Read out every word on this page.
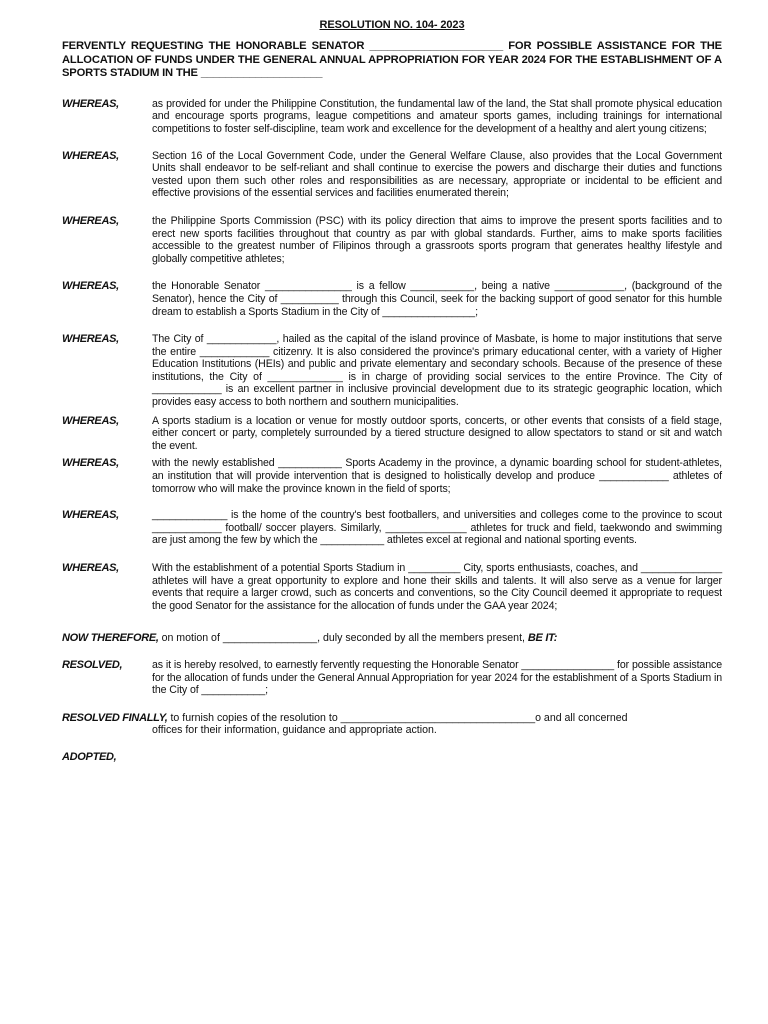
RESOLUTION NO. 104- 2023
FERVENTLY REQUESTING THE HONORABLE SENATOR ______________________ FOR POSSIBLE ASSISTANCE FOR THE ALLOCATION OF FUNDS UNDER THE GENERAL ANNUAL APPROPRIATION FOR YEAR 2024 FOR THE ESTABLISHMENT OF A SPORTS STADIUM IN THE ____________________
WHEREAS,	as provided for under the Philippine Constitution, the fundamental law of the land, the Stat shall promote physical education and encourage sports programs, league competitions and amateur sports games, including trainings for international competitions to foster self-discipline, team work and excellence for the development of a healthy and alert young citizens;
WHEREAS,	Section 16 of the Local Government Code, under the General Welfare Clause, also provides that the Local Government Units shall endeavor to be self-reliant and shall continue to exercise the powers and discharge their duties and functions vested upon them such other roles and responsibilities as are necessary, appropriate or incidental to be efficient and effective provisions of the essential services and facilities enumerated therein;
WHEREAS,	the Philippine Sports Commission (PSC) with its policy direction that aims to improve the present sports facilities and to erect new sports facilities throughout that country as par with global standards. Further, aims to make sports facilities accessible to the greatest number of Filipinos through a grassroots sports program that generates healthy lifestyle and globally competitive athletes;
WHEREAS,	the Honorable Senator _______________ is a fellow ___________, being a native ____________, (background of the Senator), hence the City of __________ through this Council, seek for the backing support of good senator for this humble dream to establish a Sports Stadium in the City of ________________;
WHEREAS,	The City of ____________, hailed as the capital of the island province of Masbate, is home to major institutions that serve the entire ____________ citizenry. It is also considered the province's primary educational center, with a variety of Higher Education Institutions (HEIs) and public and private elementary and secondary schools. Because of the presence of these institutions, the City of _____________ is in charge of providing social services to the entire Province. The City of ____________ is an excellent partner in inclusive provincial development due to its strategic geographic location, which provides easy access to both northern and southern municipalities.
WHEREAS,	A sports stadium is a location or venue for mostly outdoor sports, concerts, or other events that consists of a field stage, either concert or party, completely surrounded by a tiered structure designed to allow spectators to stand or sit and watch the event.
WHEREAS,	with the newly established ___________ Sports Academy in the province, a dynamic boarding school for student-athletes, an institution that will provide intervention that is designed to holistically develop and produce ____________ athletes of tomorrow who will make the province known in the field of sports;
WHEREAS,	_____________ is the home of the country's best footballers, and universities and colleges come to the province to scout ____________ football/ soccer players. Similarly, ______________ athletes for truck and field, taekwondo and swimming are just among the few by which the ___________ athletes excel at regional and national sporting events.
WHEREAS,	With the establishment of a potential Sports Stadium in _________ City, sports enthusiasts, coaches, and ______________ athletes will have a great opportunity to explore and hone their skills and talents. It will also serve as a venue for larger events that require a larger crowd, such as concerts and conventions, so the City Council deemed it appropriate to request the good Senator for the assistance for the allocation of funds under the GAA year 2024;
NOW THEREFORE, on motion of ________________, duly seconded by all the members present, BE IT:
RESOLVED,	as it is hereby resolved, to earnestly fervently requesting the Honorable Senator ________________ for possible assistance for the allocation of funds under the General Annual Appropriation for year 2024 for the establishment of a Sports Stadium in the City of ___________;
RESOLVED FINALLY, to furnish copies of the resolution to _________________________________o and all concerned
offices for their information, guidance and appropriate action.
ADOPTED,
